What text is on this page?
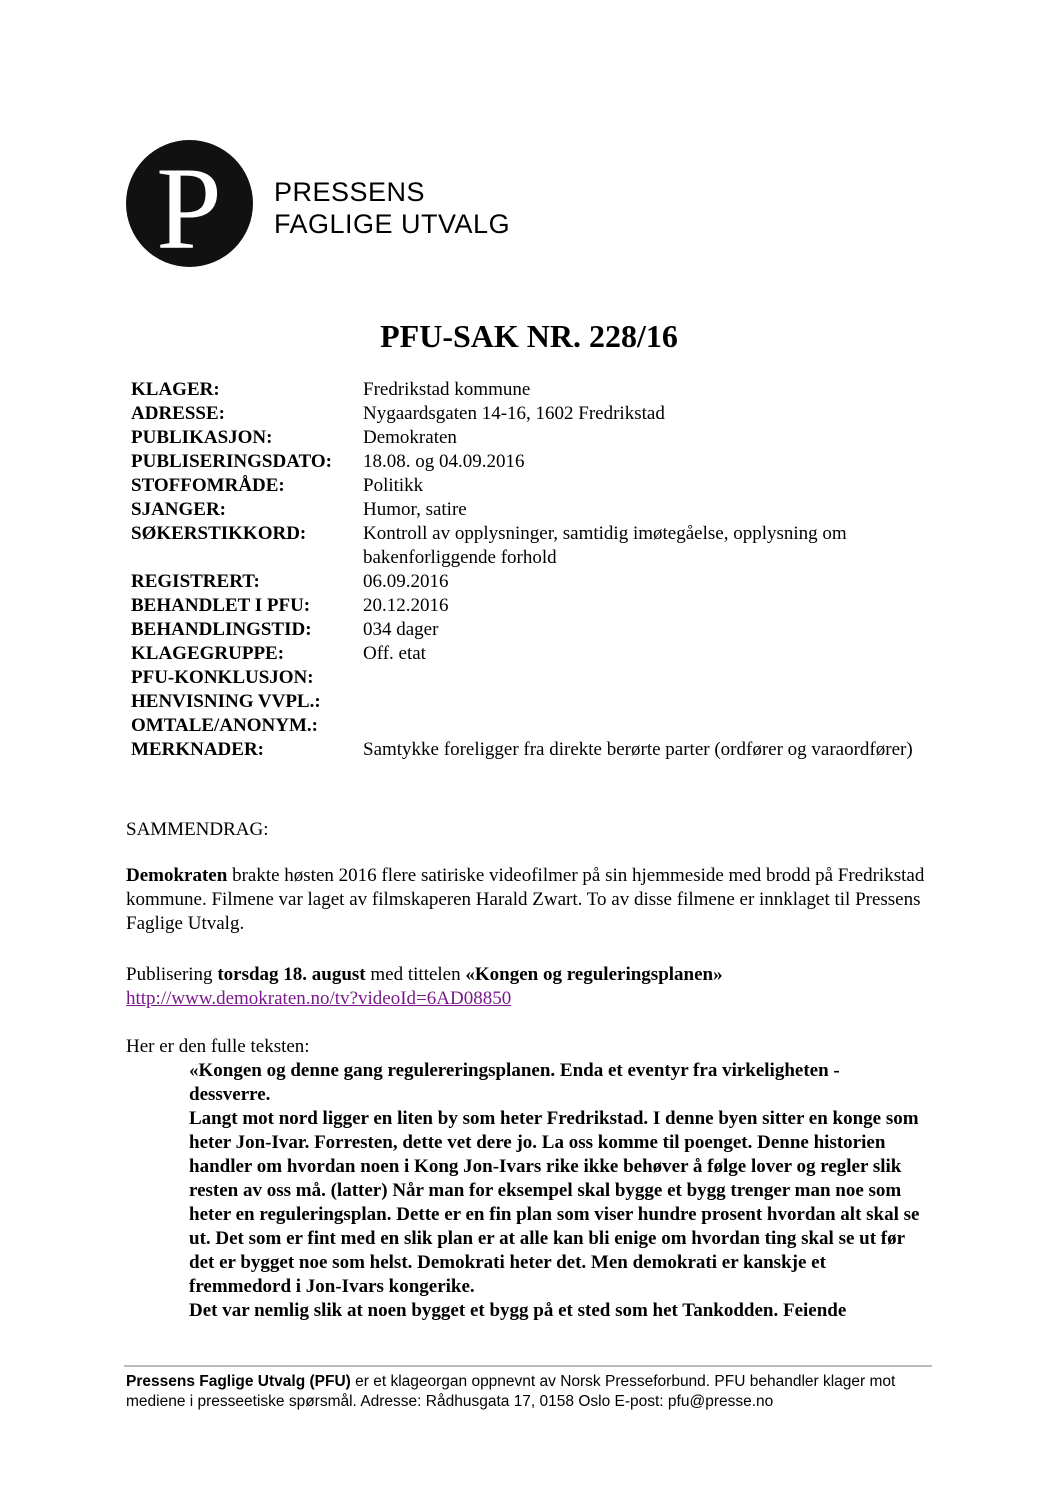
P PRESSENS
FAGLIGE UTVALG
PFU-SAK NR. 228/16
KLAGER:	Fredrikstad kommune
ADRESSE:	Nygaardsgaten 14-16, 1602 Fredrikstad
PUBLIKASJON:	Demokraten
PUBLISERINGSDATO:	18.08. og 04.09.2016
STOFFOMRÅDE:	Politikk
SJANGER:	Humor, satire
SØKERSTIKKORD:	Kontroll av opplysninger, samtidig imøtegåelse, opplysning om bakenforliggende forhold
REGISTRERT:	06.09.2016
BEHANDLET I PFU:	20.12.2016
BEHANDLINGSTID:	034 dager
KLAGEGRUPPE:	Off. etat
PFU-KONKLUSJON:
HENVISNING VVPL.:
OMTALE/ANONYM.:
MERKNADER:	Samtykke foreligger fra direkte berørte parter (ordfører og varaordfører)

SAMMENDRAG:

Demokraten brakte høsten 2016 flere satiriske videofilmer på sin hjemmeside med brodd på Fredrikstad kommune. Filmene var laget av filmskaperen Harald Zwart. To av disse filmene er innklaget til Pressens Faglige Utvalg.

Publisering torsdag 18. august med tittelen «Kongen og reguleringsplanen»
http://www.demokraten.no/tv?videoId=6AD08850

Her er den fulle teksten:

«Kongen og denne gang regulereringsplanen. Enda et eventyr fra virkeligheten - dessverre.
Langt mot nord ligger en liten by som heter Fredrikstad. I denne byen sitter en konge som heter Jon-Ivar. Forresten, dette vet dere jo. La oss komme til poenget. Denne historien handler om hvordan noen i Kong Jon-Ivars rike ikke behøver å følge lover og regler slik resten av oss må. (latter) Når man for eksempel skal bygge et bygg trenger man noe som heter en reguleringsplan. Dette er en fin plan som viser hundre prosent hvordan alt skal se ut. Det som er fint med en slik plan er at alle kan bli enige om hvordan ting skal se ut før det er bygget noe som helst. Demokrati heter det. Men demokrati er kanskje et fremmedord i Jon-Ivars kongerike.
Det var nemlig slik at noen bygget et bygg på et sted som het Tankodden. Feiende
Pressens Faglige Utvalg (PFU) er et klageorgan oppnevnt av Norsk Presseforbund. PFU behandler klager mot mediene i presseetiske spørsmål. Adresse: Rådhusgata 17, 0158 Oslo E-post: pfu@presse.no
